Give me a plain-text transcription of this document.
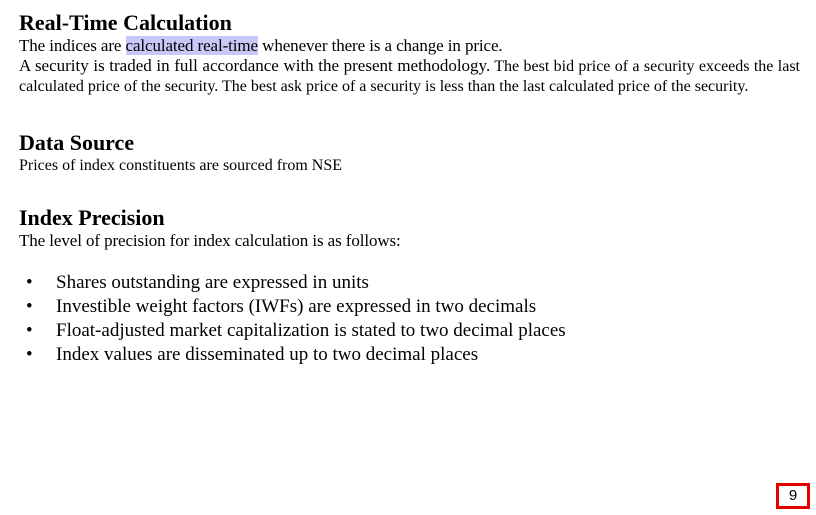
Real-Time Calculation

The indices are calculated real-time whenever there is a change in price.

A security is traded in full accordance with the present methodology. The best bid price of a security exceeds the last calculated price of the security. The best ask price of a security is less than the last calculated price of the security.

Data Source

Prices of index constituents are sourced from NSE

Index Precision

The level of precision for index calculation is as follows:

• Shares outstanding are expressed in units
• Investible weight factors (IWFs) are expressed in two decimals
• Float-adjusted market capitalization is stated to two decimal places
• Index values are disseminated up to two decimal places
9
